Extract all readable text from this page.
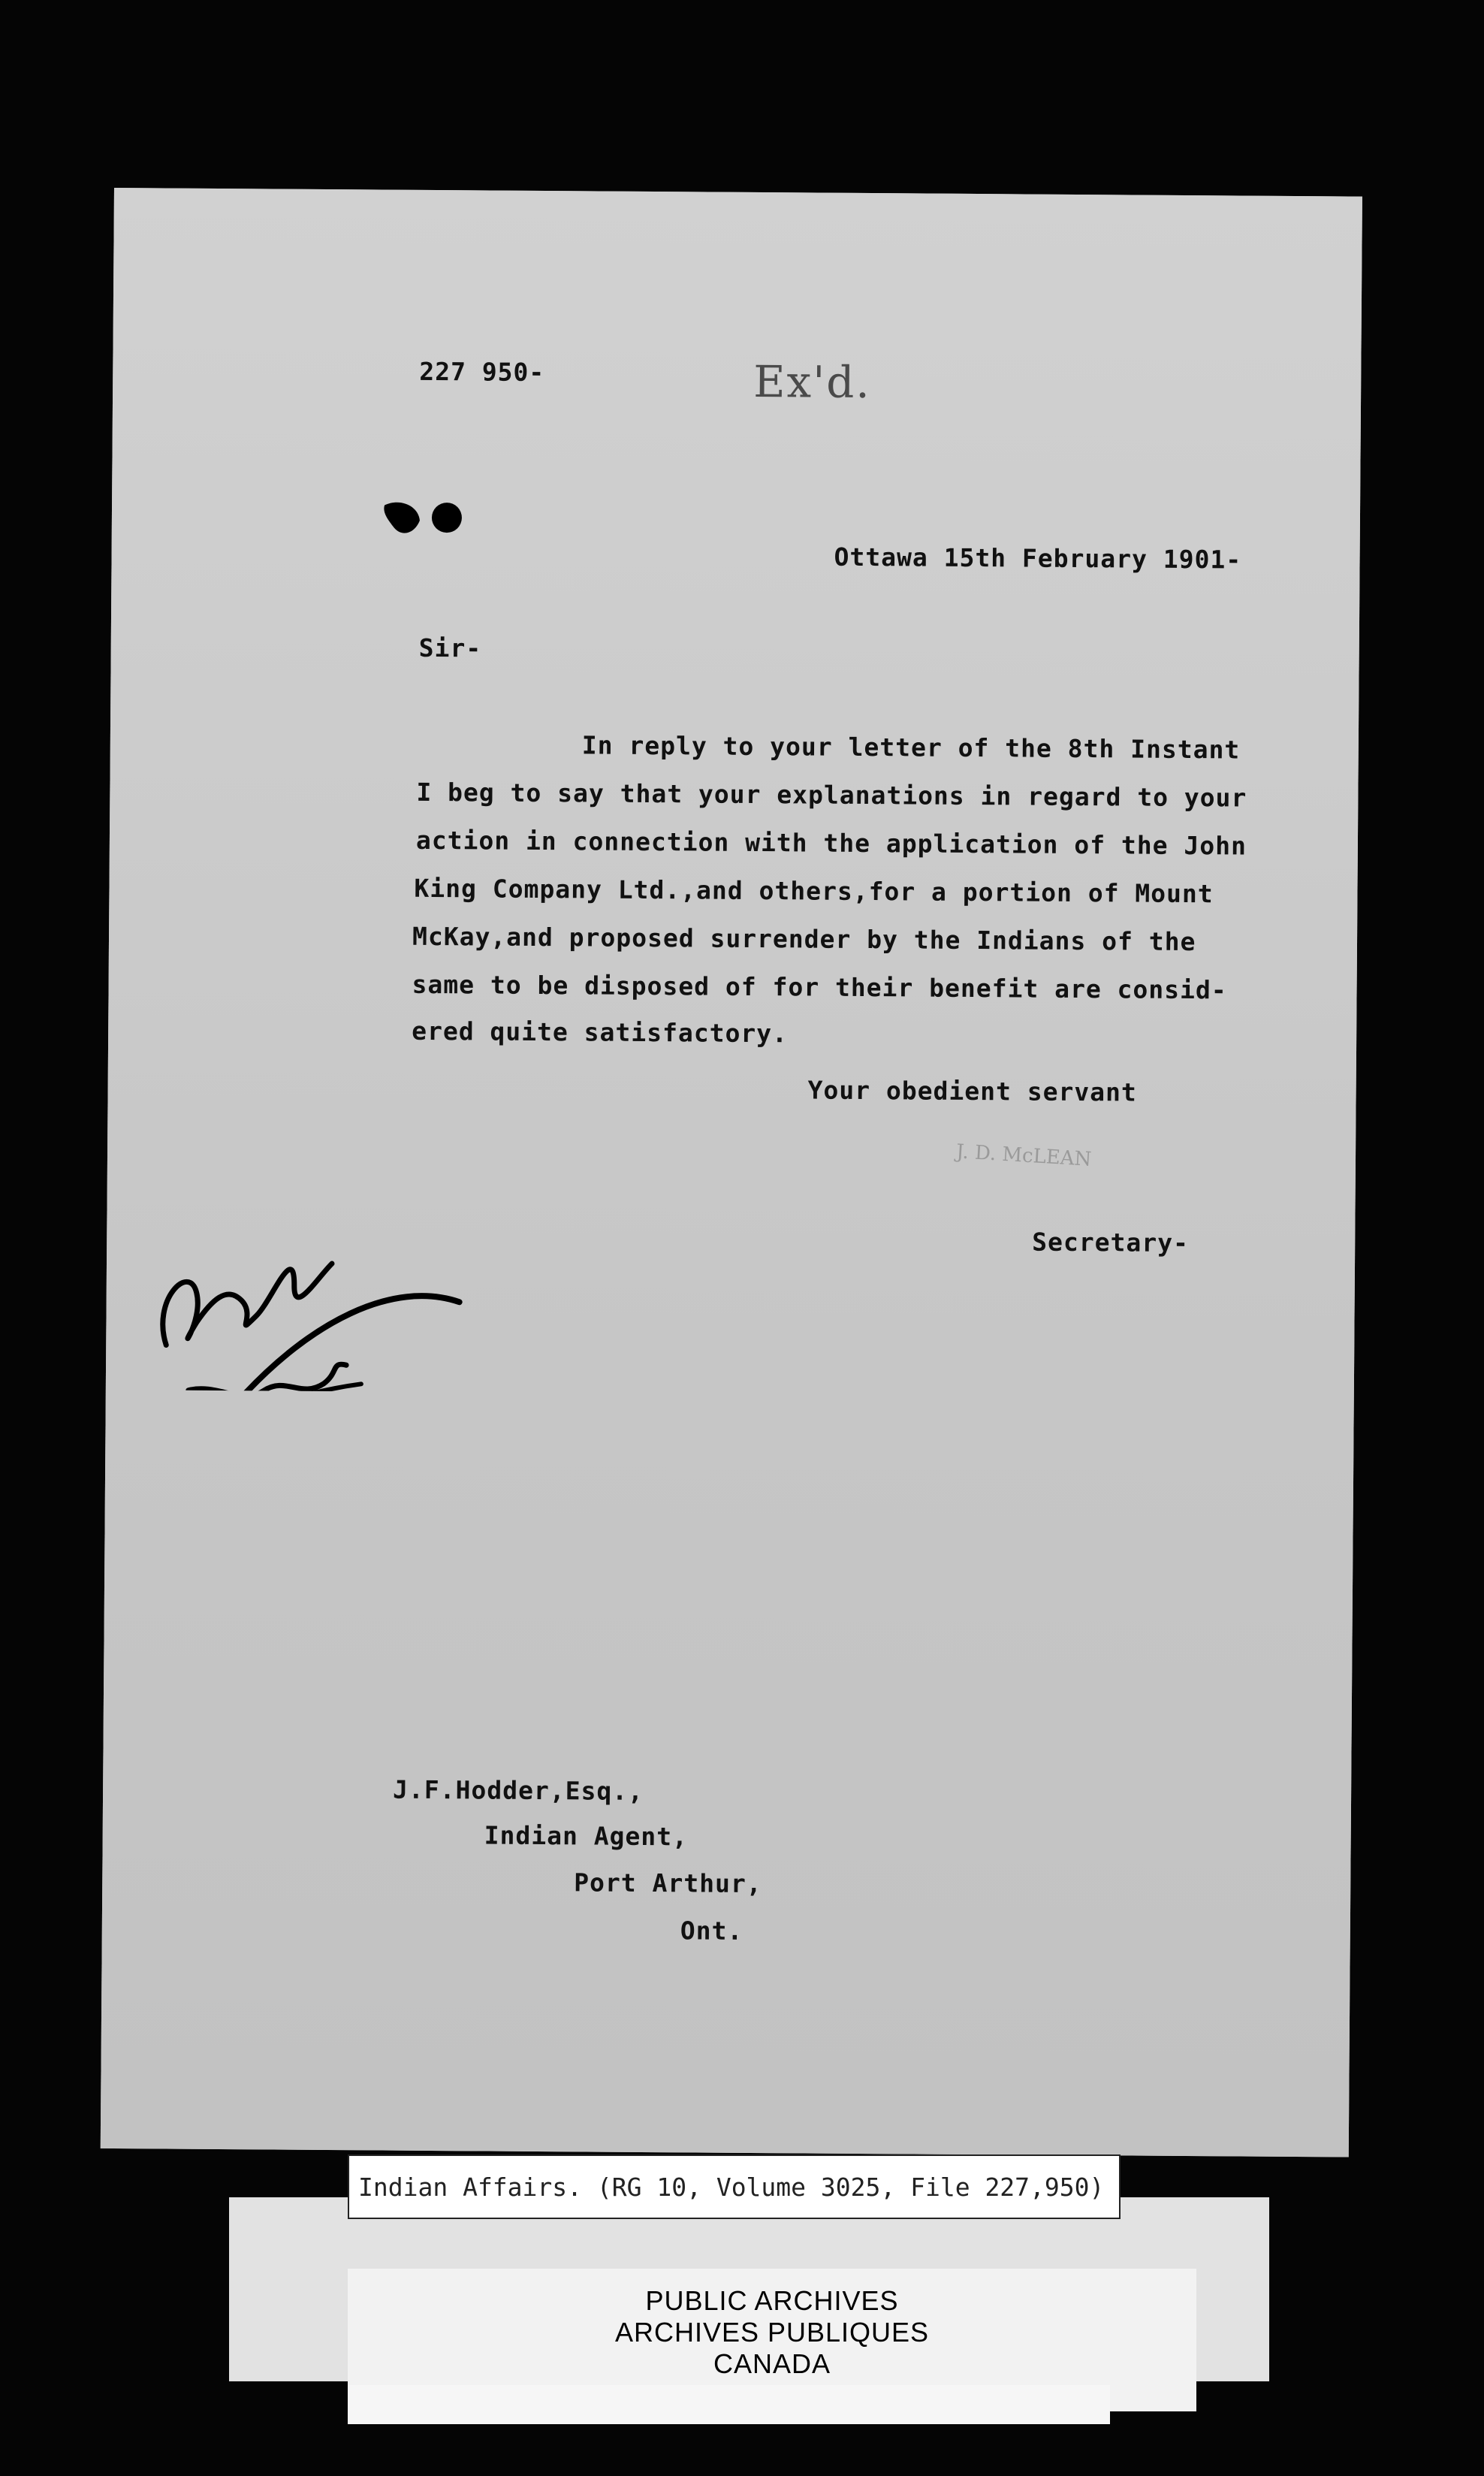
227 950-	Ex'd.
Ottawa 15th February 1901-
Sir-
In reply to your letter of the 8th Instant
I beg to say that your explanations in regard to your
action in connection with the application of the John
King Company Ltd.,and others,for a portion of Mount
McKay,and proposed surrender by the Indians of the
same to be disposed of for their benefit are consid-
ered quite satisfactory.
Your obedient servant
J. D. McLEAN
Secretary-
J.F.Hodder,Esq.,
Indian Agent,
Port Arthur,
Ont.
Indian Affairs. (RG 10, Volume 3025, File 227,950)
PUBLIC ARCHIVES
ARCHIVES PUBLIQUES
CANADA
